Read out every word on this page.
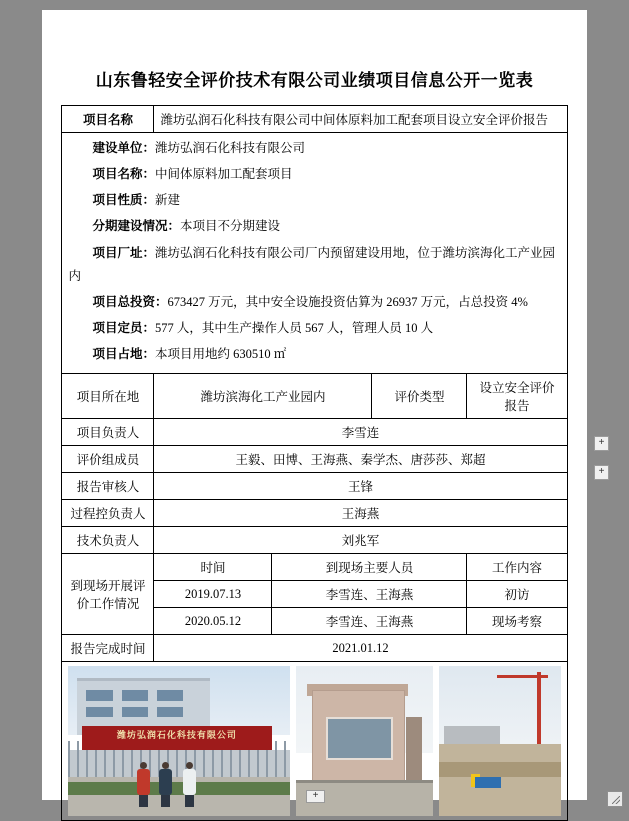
山东鲁轻安全评价技术有限公司业绩项目信息公开一览表
项目名称	潍坊弘润石化科技有限公司中间体原料加工配套项目设立安全评价报告			

建设单位：潍坊弘润石化科技有限公司

项目名称：中间体原料加工配套项目

项目性质：新建

分期建设情况：本项目不分期建设

项目厂址：潍坊弘润石化科技有限公司厂内预留建设用地，位于潍坊滨海化工产业园内

项目总投资：673427 万元，其中安全设施投资估算为 26937 万元，占总投资 4%

项目定员：577 人，其中生产操作人员 567 人，管理人员 10 人

项目占地：本项目用地约 630510 ㎡

项目所在地	潍坊滨海化工产业园内		评价类型	设立安全评价报告
项目负责人	李雪连			
评价组成员	王毅、田博、王海燕、秦学杰、唐莎莎、郑超			
报告审核人	王锋			
过程控负责人	王海燕			
技术负责人	刘兆军			
到现场开展评价工作情况	时间	到现场主要人员		工作内容
	2019.07.13	李雪连、王海燕		初访
	2020.05.12	李雪连、王海燕		现场考察
报告完成时间	2021.01.12			

潍坊弘润石化科技有限公司				
+
+
+
